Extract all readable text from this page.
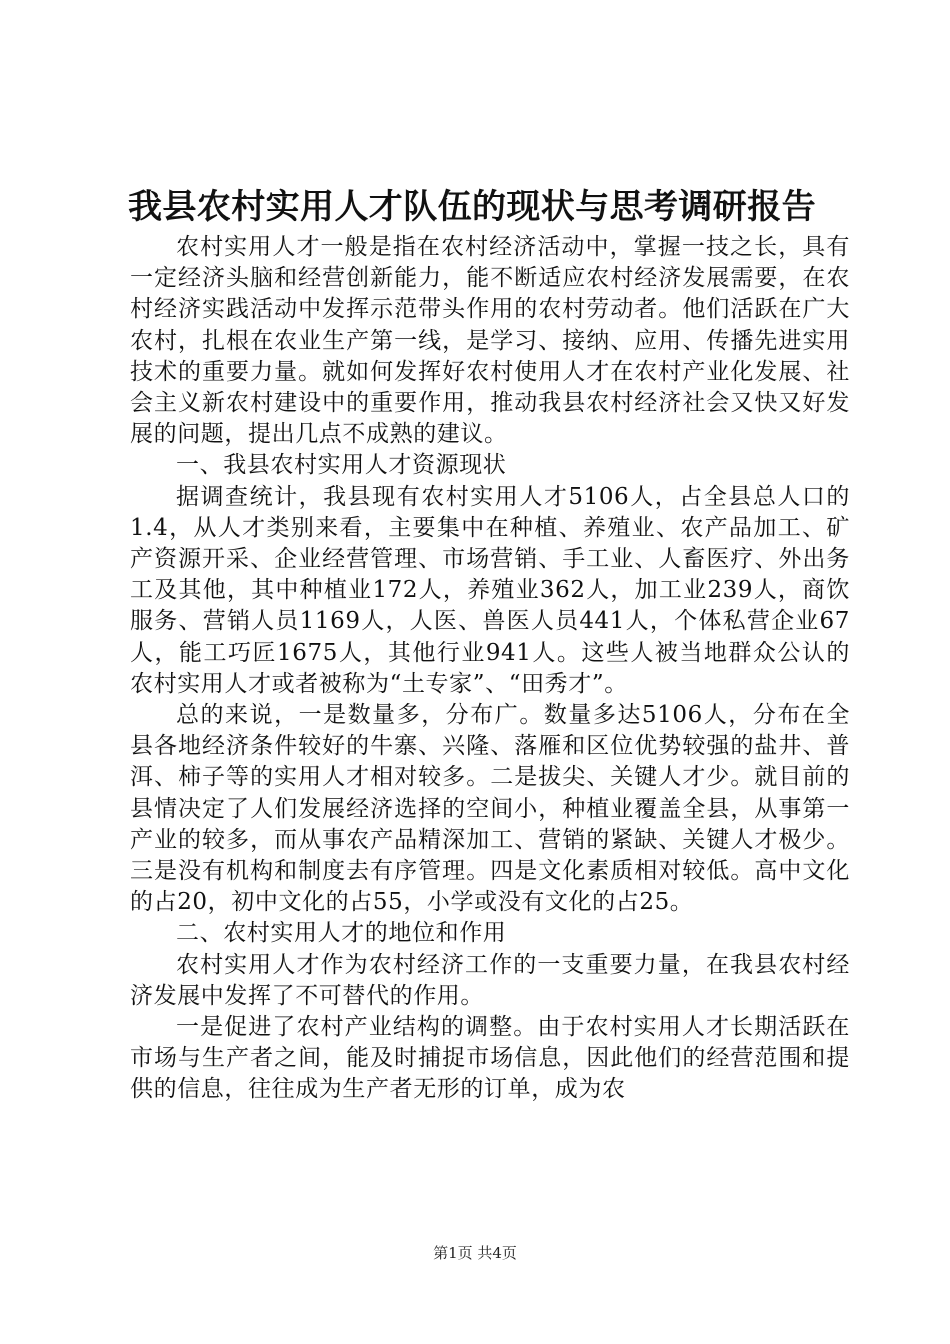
我县农村实用人才队伍的现状与思考调研报告

农村实用人才一般是指在农村经济活动中，掌握一技之长，具有一定经济头脑和经营创新能力，能不断适应农村经济发展需要，在农村经济实践活动中发挥示范带头作用的农村劳动者。他们活跃在广大农村，扎根在农业生产第一线，是学习、接纳、应用、传播先进实用技术的重要力量。就如何发挥好农村使用人才在农村产业化发展、社会主义新农村建设中的重要作用，推动我县农村经济社会又快又好发展的问题，提出几点不成熟的建议。

一、我县农村实用人才资源现状

据调查统计，我县现有农村实用人才5106人，占全县总人口的1.4，从人才类别来看，主要集中在种植、养殖业、农产品加工、矿产资源开采、企业经营管理、市场营销、手工业、人畜医疗、外出务工及其他，其中种植业172人，养殖业362人，加工业239人，商饮服务、营销人员1169人，人医、兽医人员441人，个体私营企业67人，能工巧匠1675人，其他行业941人。这些人被当地群众公认的农村实用人才或者被称为“土专家”、“田秀才”。

总的来说，一是数量多，分布广。数量多达5106人，分布在全县各地经济条件较好的牛寨、兴隆、落雁和区位优势较强的盐井、普洱、柿子等的实用人才相对较多。二是拔尖、关键人才少。就目前的县情决定了人们发展经济选择的空间小，种植业覆盖全县，从事第一产业的较多，而从事农产品精深加工、营销的紧缺、关键人才极少。三是没有机构和制度去有序管理。四是文化素质相对较低。高中文化的占20，初中文化的占55，小学或没有文化的占25。

二、农村实用人才的地位和作用

农村实用人才作为农村经济工作的一支重要力量，在我县农村经济发展中发挥了不可替代的作用。

一是促进了农村产业结构的调整。由于农村实用人才长期活跃在市场与生产者之间，能及时捕捉市场信息，因此他们的经营范围和提供的信息，往往成为生产者无形的订单，成为农

第1页 共4页
